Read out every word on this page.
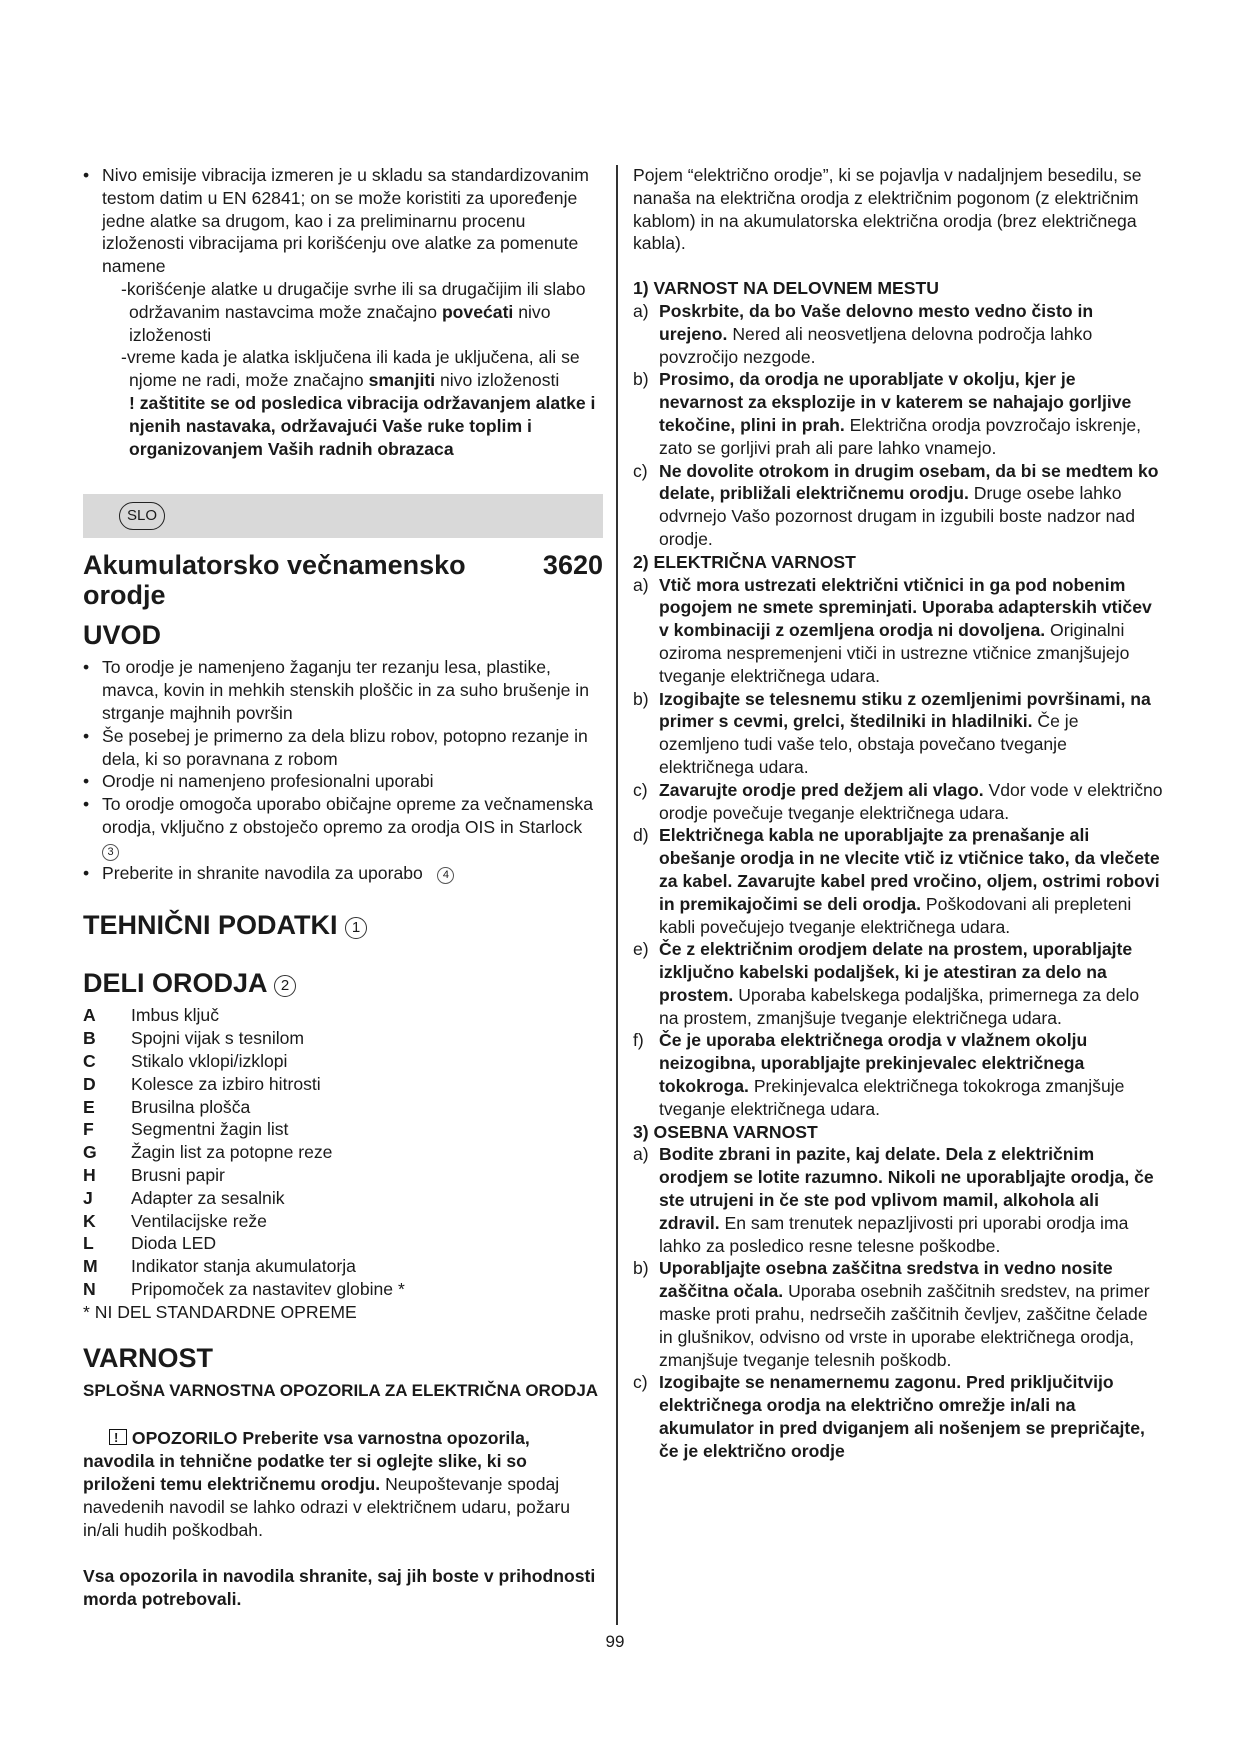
• Nivo emisije vibracija izmeren je u skladu sa standardizovanim testom datim u EN 62841; on se može koristiti za upoređenje jedne alatke sa drugom, kao i za preliminarnu procenu izloženosti vibracijama pri korišćenju ove alatke za pomenute namene

-korišćenje alatke u drugačije svrhe ili sa drugačijim ili slabo održavanim nastavcima može značajno povećati nivo izloženosti

-vreme kada je alatka isključena ili kada je uključena, ali se njome ne radi, može značajno smanjiti nivo izloženosti

! zaštitite se od posledica vibracija održavanjem alatke i njenih nastavaka, održavajući Vaše ruke toplim i organizovanjem Vaših radnih obrazaca

SLO

Akumulatorsko večnamensko orodje

3620

UVOD

• To orodje je namenjeno žaganju ter rezanju lesa, plastike, mavca, kovin in mehkih stenskih ploščic in za suho brušenje in strganje majhnih površin
• Še posebej je primerno za dela blizu robov, potopno rezanje in dela, ki so poravnana z robom
• Orodje ni namenjeno profesionalni uporabi
• To orodje omogoča uporabo običajne opreme za večnamenska orodja, vključno z obstoječo opremo za orodja OIS in Starlock 3
• Preberite in shranite navodila za uporabo 4

TEHNIČNI PODATKI 1

DELI ORODJA 2

A	Imbus ključ
B	Spojni vijak s tesnilom
C	Stikalo vklopi/izklopi
D	Kolesce za izbiro hitrosti
E	Brusilna plošča
F	Segmentni žagin list
G	Žagin list za potopne reze
H	Brusni papir
J	Adapter za sesalnik
K	Ventilacijske reže
L	Dioda LED
M	Indikator stanja akumulatorja
N	Pripomoček za nastavitev globine *

* NI DEL STANDARDNE OPREME

VARNOST

SPLOŠNA VARNOSTNA OPOZORILA ZA ELEKTRIČNA ORODJA

! OPOZORILO Preberite vsa varnostna opozorila, navodila in tehnične podatke ter si oglejte slike, ki so priloženi temu električnemu orodju. Neupoštevanje spodaj navedenih navodil se lahko odrazi v električnem udaru, požaru in/ali hudih poškodbah.

Vsa opozorila in navodila shranite, saj jih boste v prihodnosti morda potrebovali.

Pojem “električno orodje”, ki se pojavlja v nadaljnjem besedilu, se nanaša na električna orodja z električnim pogonom (z električnim kablom) in na akumulatorska električna orodja (brez električnega kabla).

1) VARNOST NA DELOVNEM MESTU

a) Poskrbite, da bo Vaše delovno mesto vedno čisto in urejeno. Nered ali neosvetljena delovna področja lahko povzročijo nezgode.
b) Prosimo, da orodja ne uporabljate v okolju, kjer je nevarnost za eksplozije in v katerem se nahajajo gorljive tekočine, plini in prah. Električna orodja povzročajo iskrenje, zato se gorljivi prah ali pare lahko vnamejo.
c) Ne dovolite otrokom in drugim osebam, da bi se medtem ko delate, približali električnemu orodju. Druge osebe lahko odvrnejo Vašo pozornost drugam in izgubili boste nadzor nad orodje.

2) ELEKTRIČNA VARNOST

a) Vtič mora ustrezati električni vtičnici in ga pod nobenim pogojem ne smete spreminjati. Uporaba adapterskih vtičev v kombinaciji z ozemljena orodja ni dovoljena. Originalni oziroma nespremenjeni vtiči in ustrezne vtičnice zmanjšujejo tveganje električnega udara.
b) Izogibajte se telesnemu stiku z ozemljenimi površinami, na primer s cevmi, grelci, štedilniki in hladilniki. Če je ozemljeno tudi vaše telo, obstaja povečano tveganje električnega udara.
c) Zavarujte orodje pred dežjem ali vlago. Vdor vode v električno orodje povečuje tveganje električnega udara.
d) Električnega kabla ne uporabljajte za prenašanje ali obešanje orodja in ne vlecite vtič iz vtičnice tako, da vlečete za kabel. Zavarujte kabel pred vročino, oljem, ostrimi robovi in premikajočimi se deli orodja. Poškodovani ali prepleteni kabli povečujejo tveganje električnega udara.
e) Če z električnim orodjem delate na prostem, uporabljajte izključno kabelski podaljšek, ki je atestiran za delo na prostem. Uporaba kabelskega podaljška, primernega za delo na prostem, zmanjšuje tveganje električnega udara.
f) Če je uporaba električnega orodja v vlažnem okolju neizogibna, uporabljajte prekinjevalec električnega tokokroga. Prekinjevalca električnega tokokroga zmanjšuje tveganje električnega udara.

3) OSEBNA VARNOST

a) Bodite zbrani in pazite, kaj delate. Dela z električnim orodjem se lotite razumno. Nikoli ne uporabljajte orodja, če ste utrujeni in če ste pod vplivom mamil, alkohola ali zdravil. En sam trenutek nepazljivosti pri uporabi orodja ima lahko za posledico resne telesne poškodbe.
b) Uporabljajte osebna zaščitna sredstva in vedno nosite zaščitna očala. Uporaba osebnih zaščitnih sredstev, na primer maske proti prahu, nedrsečih zaščitnih čevljev, zaščitne čelade in glušnikov, odvisno od vrste in uporabe električnega orodja, zmanjšuje tveganje telesnih poškodb.
c) Izogibajte se nenamernemu zagonu. Pred priključitvijo električnega orodja na električno omrežje in/ali na akumulator in pred dviganjem ali nošenjem se prepričajte, če je električno orodje
99
